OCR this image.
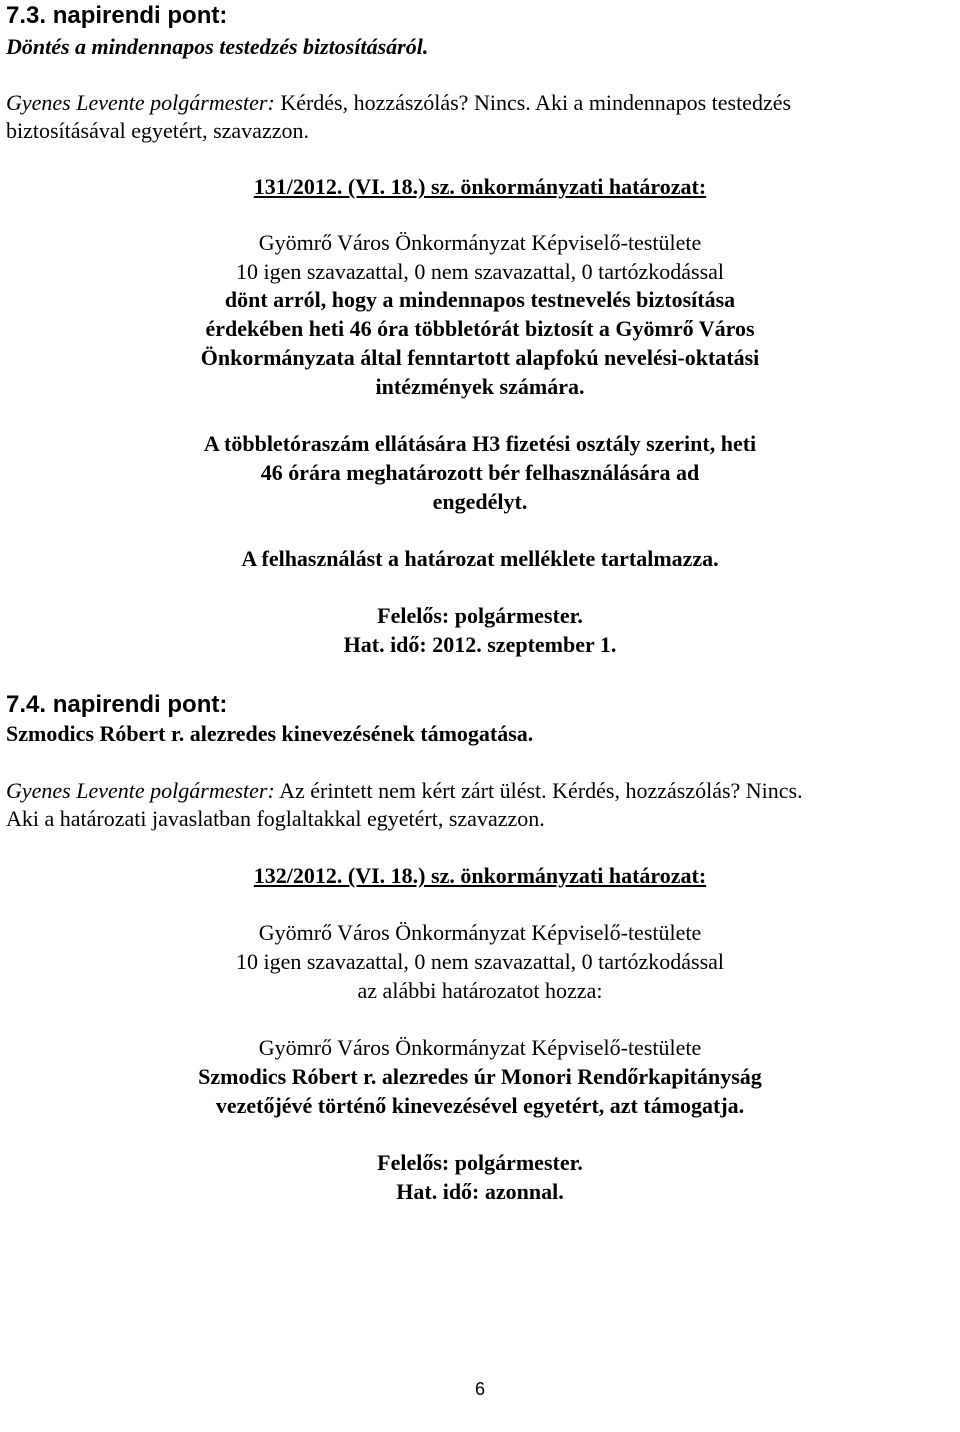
7.3. napirendi pont:
Döntés a mindennapos testedzés biztosításáról.
Gyenes Levente polgármester: Kérdés, hozzászólás? Nincs. Aki a mindennapos testedzés
biztosításával egyetért, szavazzon.
131/2012. (VI. 18.) sz. önkormányzati határozat:
Gyömrő Város Önkormányzat Képviselő-testülete
10 igen szavazattal, 0 nem szavazattal, 0 tartózkodással
dönt arról, hogy a mindennapos testnevelés biztosítása
érdekében heti 46 óra többletórát biztosít a Gyömrő Város
Önkormányzata által fenntartott alapfokú nevelési-oktatási
intézmények számára.
A többletóraszám ellátására H3 fizetési osztály szerint, heti
46 órára meghatározott bér felhasználására ad
engedélyt.
A felhasználást a határozat melléklete tartalmazza.
Felelős: polgármester.
Hat. idő: 2012. szeptember 1.
7.4. napirendi pont:
Szmodics Róbert r. alezredes kinevezésének támogatása.
Gyenes Levente polgármester: Az érintett nem kért zárt ülést. Kérdés, hozzászólás? Nincs.
Aki a határozati javaslatban foglaltakkal egyetért, szavazzon.
132/2012. (VI. 18.) sz. önkormányzati határozat:
Gyömrő Város Önkormányzat Képviselő-testülete
10 igen szavazattal, 0 nem szavazattal, 0 tartózkodással
az alábbi határozatot hozza:
Gyömrő Város Önkormányzat Képviselő-testülete
Szmodics Róbert r. alezredes úr Monori Rendőrkapitányság
vezetőjévé történő kinevezésével egyetért, azt támogatja.
Felelős: polgármester.
Hat. idő: azonnal.
6
